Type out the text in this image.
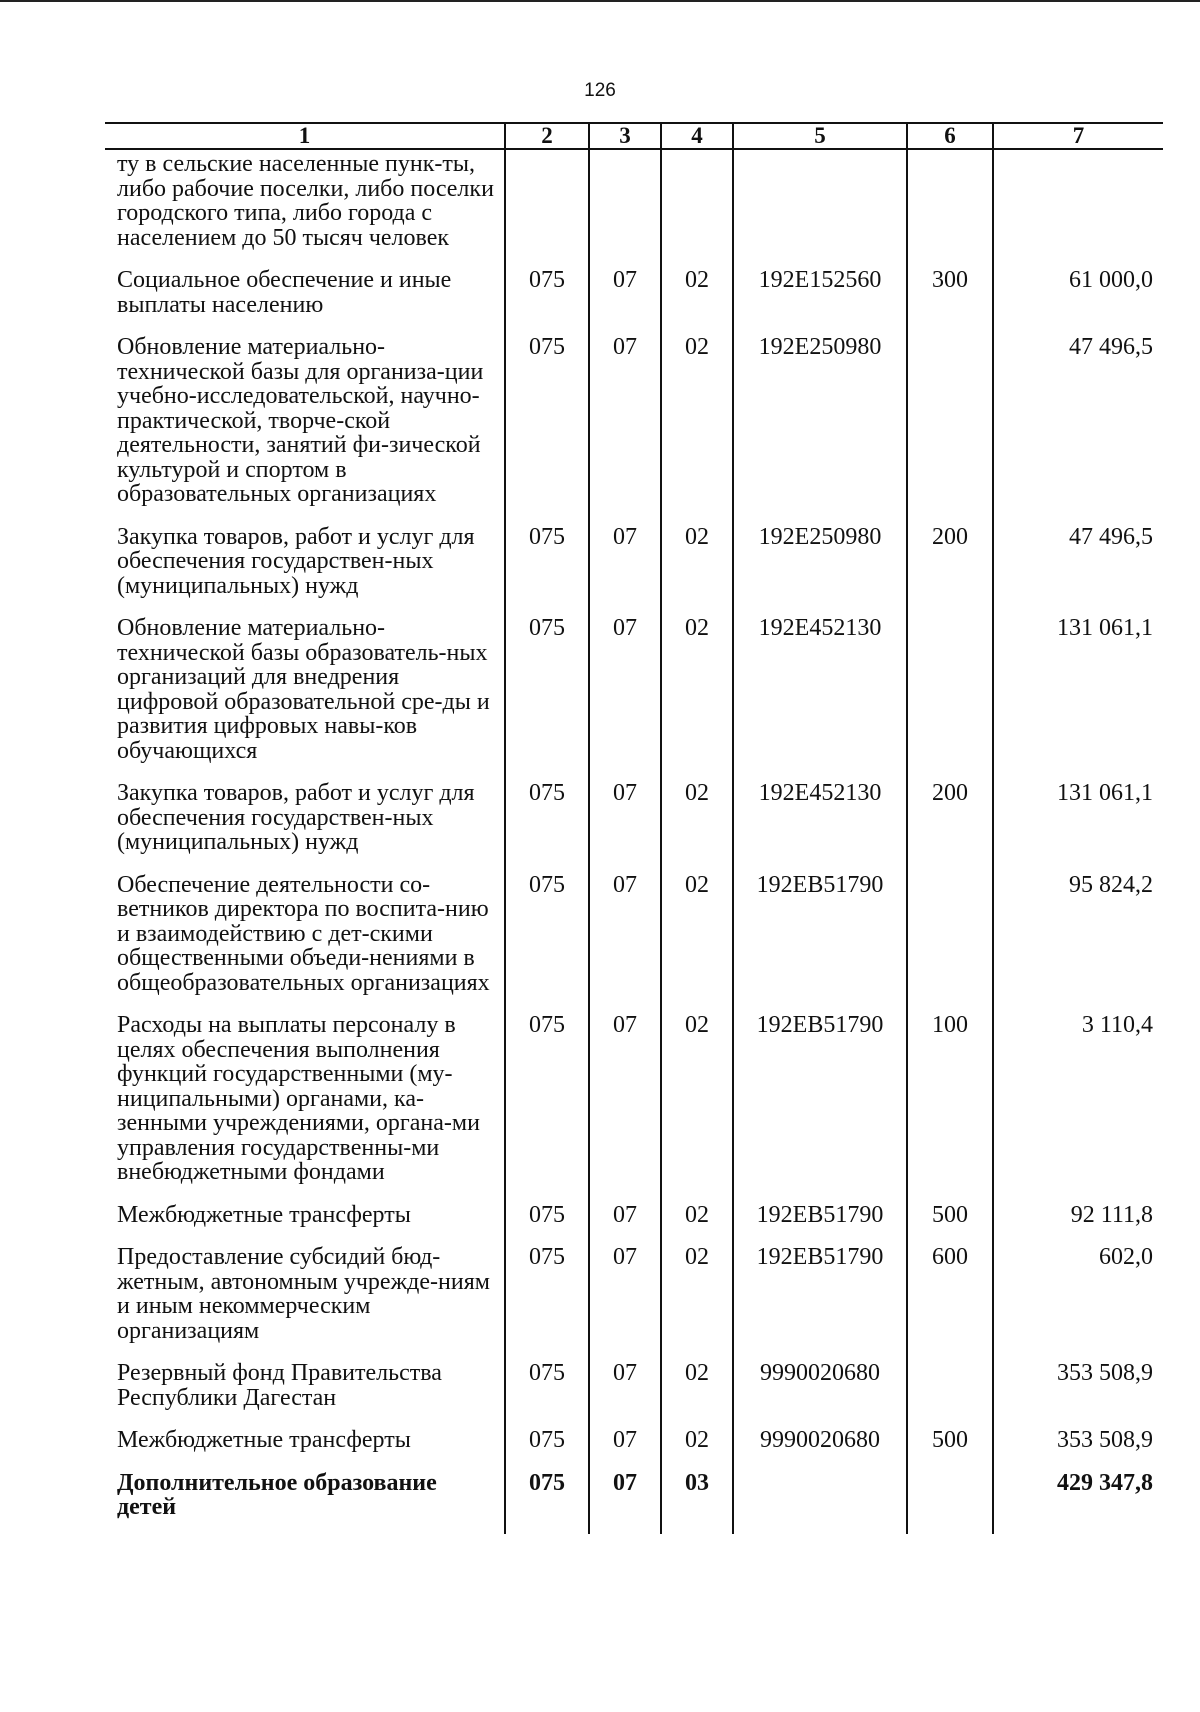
126
1	2	3	4	5	6	7
ту в сельские населенные пунк-ты, либо рабочие поселки, либо поселки городского типа, либо города с населением до 50 тысяч человек						
Социальное обеспечение и иные выплаты населению	075	07	02	192E152560	300	61 000,0
Обновление материально-технической базы для организа-ции учебно-исследовательской, научно-практической, творче-ской деятельности, занятий фи-зической культурой и спортом в образовательных организациях	075	07	02	192E250980		47 496,5
Закупка товаров, работ и услуг для обеспечения государствен-ных (муниципальных) нужд	075	07	02	192E250980	200	47 496,5
Обновление материально-технической базы образователь-ных организаций для внедрения цифровой образовательной сре-ды и развития цифровых навы-ков обучающихся	075	07	02	192E452130		131 061,1
Закупка товаров, работ и услуг для обеспечения государствен-ных (муниципальных) нужд	075	07	02	192E452130	200	131 061,1
Обеспечение деятельности со-ветников директора по воспита-нию и взаимодействию с дет-скими общественными объеди-нениями в общеобразовательных организациях	075	07	02	192EB51790		95 824,2
Расходы на выплаты персоналу в целях обеспечения выполнения функций государственными (му-ниципальными) органами, ка-зенными учреждениями, органа-ми управления государственны-ми внебюджетными фондами	075	07	02	192EB51790	100	3 110,4
Межбюджетные трансферты	075	07	02	192EB51790	500	92 111,8
Предоставление субсидий бюд-жетным, автономным учрежде-ниям и иным некоммерческим организациям	075	07	02	192EB51790	600	602,0
Резервный фонд Правительства Республики Дагестан	075	07	02	9990020680		353 508,9
Межбюджетные трансферты	075	07	02	9990020680	500	353 508,9
Дополнительное образование детей	075	07	03			429 347,8
